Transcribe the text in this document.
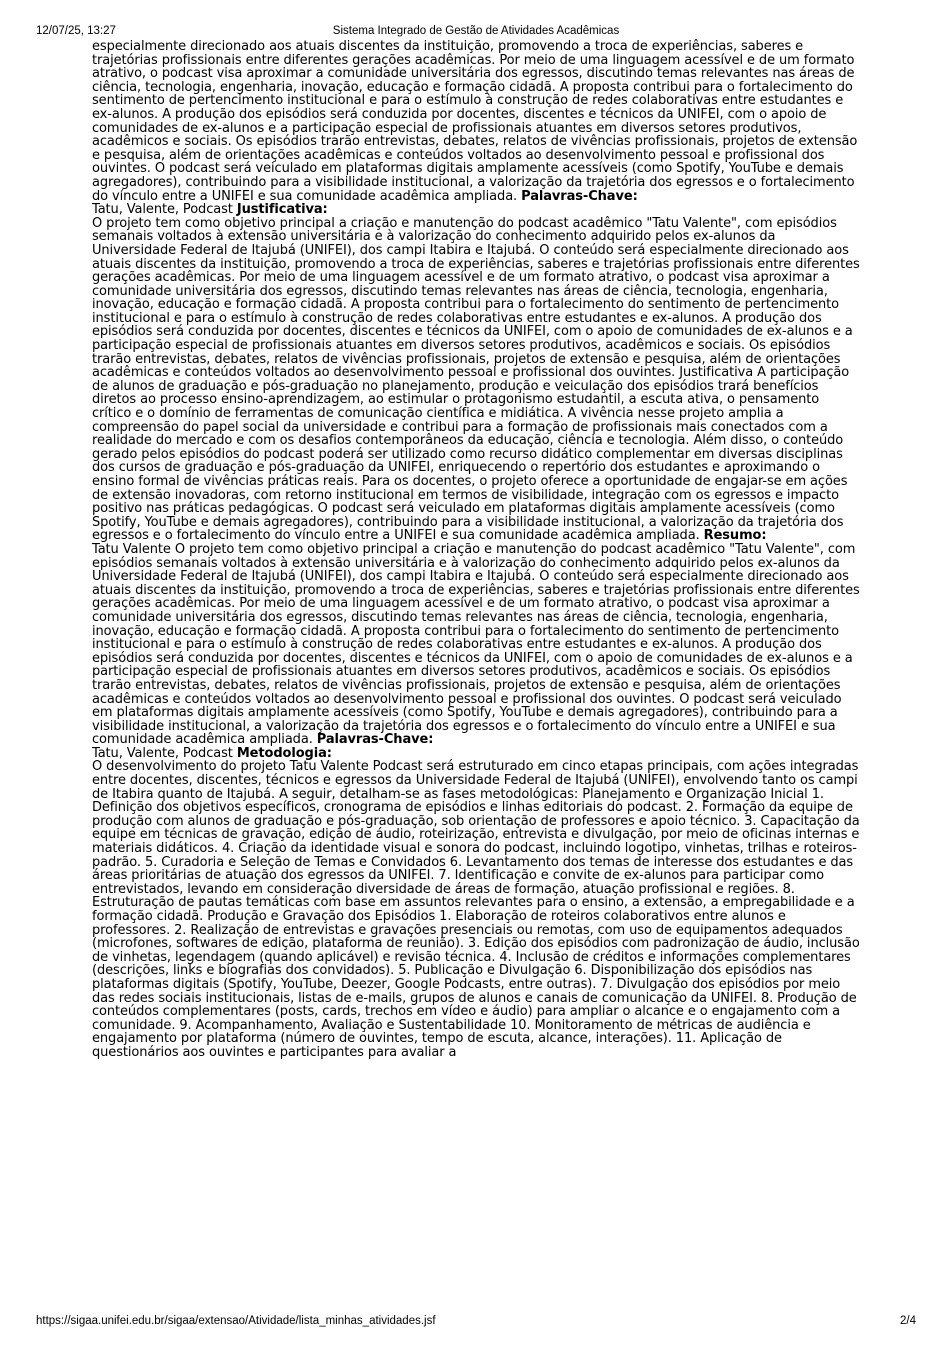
12/07/25, 13:27	Sistema Integrado de Gestão de Atividades Acadêmicas

especialmente direcionado aos atuais discentes da instituição, promovendo a troca de experiências, saberes e trajetórias profissionais entre diferentes gerações acadêmicas. Por meio de uma linguagem acessível e de um formato atrativo, o podcast visa aproximar a comunidade universitária dos egressos, discutindo temas relevantes nas áreas de ciência, tecnologia, engenharia, inovação, educação e formação cidadã. A proposta contribui para o fortalecimento do sentimento de pertencimento institucional e para o estímulo à construção de redes colaborativas entre estudantes e ex-alunos. A produção dos episódios será conduzida por docentes, discentes e técnicos da UNIFEI, com o apoio de comunidades de ex-alunos e a participação especial de profissionais atuantes em diversos setores produtivos, acadêmicos e sociais. Os episódios trarão entrevistas, debates, relatos de vivências profissionais, projetos de extensão e pesquisa, além de orientações acadêmicas e conteúdos voltados ao desenvolvimento pessoal e profissional dos ouvintes. O podcast será veiculado em plataformas digitais amplamente acessíveis (como Spotify, YouTube e demais agregadores), contribuindo para a visibilidade institucional, a valorização da trajetória dos egressos e o fortalecimento do vínculo entre a UNIFEI e sua comunidade acadêmica ampliada. Palavras-Chave:

Tatu, Valente, Podcast Justificativa:

O projeto tem como objetivo principal a criação e manutenção do podcast acadêmico "Tatu Valente", com episódios semanais voltados à extensão universitária e à valorização do conhecimento adquirido pelos ex-alunos da Universidade Federal de Itajubá (UNIFEI), dos campi Itabira e Itajubá. O conteúdo será especialmente direcionado aos atuais discentes da instituição, promovendo a troca de experiências, saberes e trajetórias profissionais entre diferentes gerações acadêmicas. Por meio de uma linguagem acessível e de um formato atrativo, o podcast visa aproximar a comunidade universitária dos egressos, discutindo temas relevantes nas áreas de ciência, tecnologia, engenharia, inovação, educação e formação cidadã. A proposta contribui para o fortalecimento do sentimento de pertencimento institucional e para o estímulo à construção de redes colaborativas entre estudantes e ex-alunos. A produção dos episódios será conduzida por docentes, discentes e técnicos da UNIFEI, com o apoio de comunidades de ex-alunos e a participação especial de profissionais atuantes em diversos setores produtivos, acadêmicos e sociais. Os episódios trarão entrevistas, debates, relatos de vivências profissionais, projetos de extensão e pesquisa, além de orientações acadêmicas e conteúdos voltados ao desenvolvimento pessoal e profissional dos ouvintes. Justificativa A participação de alunos de graduação e pós-graduação no planejamento, produção e veiculação dos episódios trará benefícios diretos ao processo ensino-aprendizagem, ao estimular o protagonismo estudantil, a escuta ativa, o pensamento crítico e o domínio de ferramentas de comunicação científica e midiática. A vivência nesse projeto amplia a compreensão do papel social da universidade e contribui para a formação de profissionais mais conectados com a realidade do mercado e com os desafios contemporâneos da educação, ciência e tecnologia. Além disso, o conteúdo gerado pelos episódios do podcast poderá ser utilizado como recurso didático complementar em diversas disciplinas dos cursos de graduação e pós-graduação da UNIFEI, enriquecendo o repertório dos estudantes e aproximando o ensino formal de vivências práticas reais. Para os docentes, o projeto oferece a oportunidade de engajar-se em ações de extensão inovadoras, com retorno institucional em termos de visibilidade, integração com os egressos e impacto positivo nas práticas pedagógicas. O podcast será veiculado em plataformas digitais amplamente acessíveis (como Spotify, YouTube e demais agregadores), contribuindo para a visibilidade institucional, a valorização da trajetória dos egressos e o fortalecimento do vínculo entre a UNIFEI e sua comunidade acadêmica ampliada. Resumo:

Tatu Valente O projeto tem como objetivo principal a criação e manutenção do podcast acadêmico "Tatu Valente", com episódios semanais voltados à extensão universitária e à valorização do conhecimento adquirido pelos ex-alunos da Universidade Federal de Itajubá (UNIFEI), dos campi Itabira e Itajubá. O conteúdo será especialmente direcionado aos atuais discentes da instituição, promovendo a troca de experiências, saberes e trajetórias profissionais entre diferentes gerações acadêmicas. Por meio de uma linguagem acessível e de um formato atrativo, o podcast visa aproximar a comunidade universitária dos egressos, discutindo temas relevantes nas áreas de ciência, tecnologia, engenharia, inovação, educação e formação cidadã. A proposta contribui para o fortalecimento do sentimento de pertencimento institucional e para o estímulo à construção de redes colaborativas entre estudantes e ex-alunos. A produção dos episódios será conduzida por docentes, discentes e técnicos da UNIFEI, com o apoio de comunidades de ex-alunos e a participação especial de profissionais atuantes em diversos setores produtivos, acadêmicos e sociais. Os episódios trarão entrevistas, debates, relatos de vivências profissionais, projetos de extensão e pesquisa, além de orientações acadêmicas e conteúdos voltados ao desenvolvimento pessoal e profissional dos ouvintes. O podcast será veiculado em plataformas digitais amplamente acessíveis (como Spotify, YouTube e demais agregadores), contribuindo para a visibilidade institucional, a valorização da trajetória dos egressos e o fortalecimento do vínculo entre a UNIFEI e sua comunidade acadêmica ampliada. Palavras-Chave:

Tatu, Valente, Podcast Metodologia:

O desenvolvimento do projeto Tatu Valente Podcast será estruturado em cinco etapas principais, com ações integradas entre docentes, discentes, técnicos e egressos da Universidade Federal de Itajubá (UNIFEI), envolvendo tanto os campi de Itabira quanto de Itajubá. A seguir, detalham-se as fases metodológicas: Planejamento e Organização Inicial 1. Definição dos objetivos específicos, cronograma de episódios e linhas editoriais do podcast. 2. Formação da equipe de produção com alunos de graduação e pós-graduação, sob orientação de professores e apoio técnico. 3. Capacitação da equipe em técnicas de gravação, edição de áudio, roteirização, entrevista e divulgação, por meio de oficinas internas e materiais didáticos. 4. Criação da identidade visual e sonora do podcast, incluindo logotipo, vinhetas, trilhas e roteiros-padrão. 5. Curadoria e Seleção de Temas e Convidados 6. Levantamento dos temas de interesse dos estudantes e das áreas prioritárias de atuação dos egressos da UNIFEI. 7. Identificação e convite de ex-alunos para participar como entrevistados, levando em consideração diversidade de áreas de formação, atuação profissional e regiões. 8. Estruturação de pautas temáticas com base em assuntos relevantes para o ensino, a extensão, a empregabilidade e a formação cidadã. Produção e Gravação dos Episódios 1. Elaboração de roteiros colaborativos entre alunos e professores. 2. Realização de entrevistas e gravações presenciais ou remotas, com uso de equipamentos adequados (microfones, softwares de edição, plataforma de reunião). 3. Edição dos episódios com padronização de áudio, inclusão de vinhetas, legendagem (quando aplicável) e revisão técnica. 4. Inclusão de créditos e informações complementares (descrições, links e biografias dos convidados). 5. Publicação e Divulgação 6. Disponibilização dos episódios nas plataformas digitais (Spotify, YouTube, Deezer, Google Podcasts, entre outras). 7. Divulgação dos episódios por meio das redes sociais institucionais, listas de e-mails, grupos de alunos e canais de comunicação da UNIFEI. 8. Produção de conteúdos complementares (posts, cards, trechos em vídeo e áudio) para ampliar o alcance e o engajamento com a comunidade. 9. Acompanhamento, Avaliação e Sustentabilidade 10. Monitoramento de métricas de audiência e engajamento por plataforma (número de ouvintes, tempo de escuta, alcance, interações). 11. Aplicação de questionários aos ouvintes e participantes para avaliar a

https://sigaa.unifei.edu.br/sigaa/extensao/Atividade/lista_minhas_atividades.jsf	2/4
